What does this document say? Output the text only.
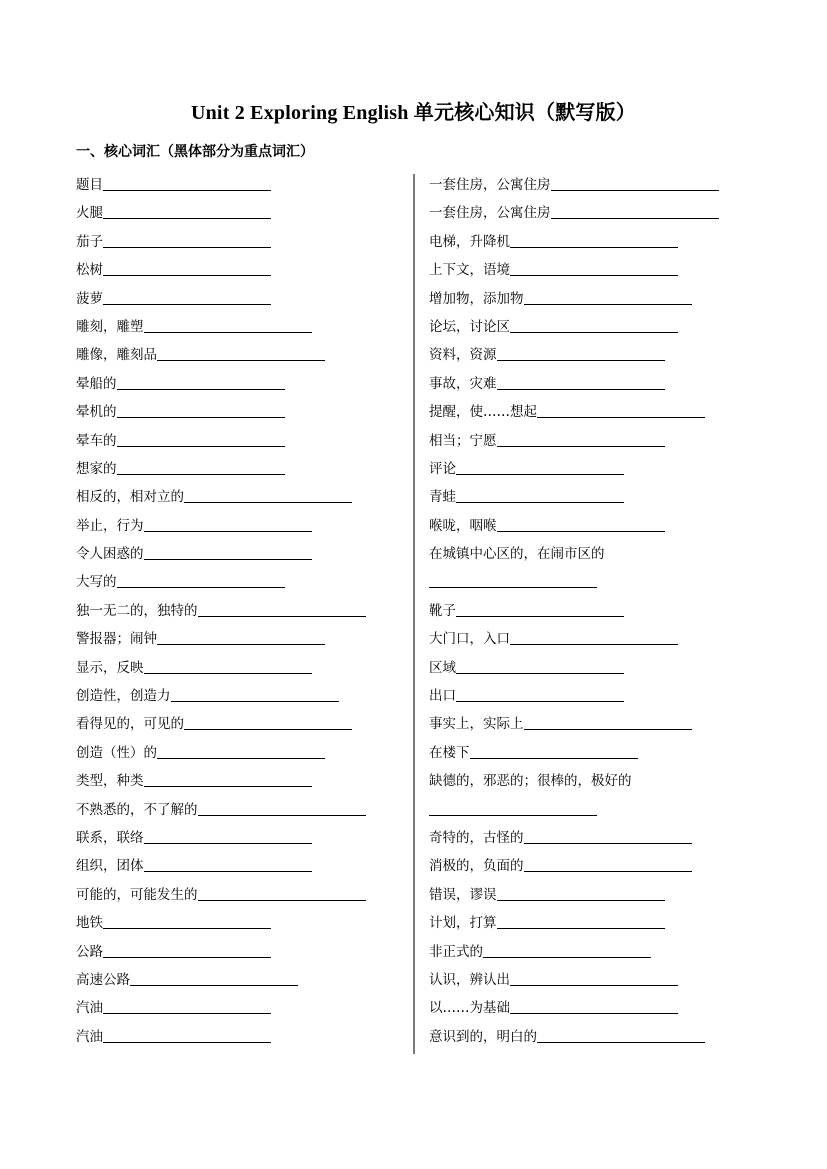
Unit 2 Exploring English 单元核心知识（默写版）
一、核心词汇（黑体部分为重点词汇）
题目
火腿
茄子
松树
菠萝
雕刻，雕塑
雕像，雕刻品
晕船的
晕机的
晕车的
想家的
相反的，相对立的
举止，行为
令人困惑的
大写的
独一无二的，独特的
警报器；闹钟
显示，反映
创造性，创造力
看得见的，可见的
创造（性）的
类型，种类
不熟悉的，不了解的
联系，联络
组织，团体
可能的，可能发生的
地铁
公路
高速公路
汽油
汽油
一套住房，公寓住房
一套住房，公寓住房
电梯，升降机
上下文，语境
增加物，添加物
论坛，讨论区
资料，资源
事故，灾难
提醒，使……想起
相当；宁愿
评论
青蛙
喉咙，咽喉
在城镇中心区的，在闹市区的
靴子
大门口，入口
区域
出口
事实上，实际上
在楼下
缺德的，邪恶的；很棒的，极好的
奇特的，古怪的
消极的，负面的
错误，谬误
计划，打算
非正式的
认识，辨认出
以……为基础
意识到的，明白的
